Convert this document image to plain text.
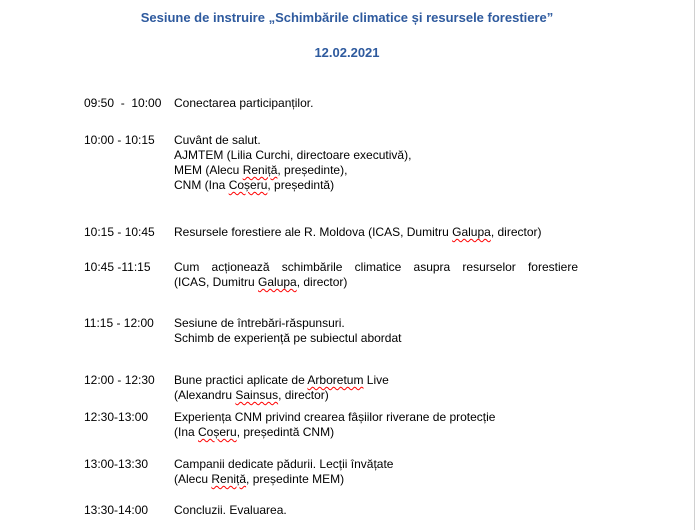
Sesiune de instruire „Schimbările climatice și resursele forestiere”
12.02.2021
09:50  -  10:00 Conectarea participanților.
10:00 - 10:15 Cuvânt de salut.
AJMTEM (Lilia Curchi, directoare executivă),
MEM (Alecu Reniță, președinte),
CNM (Ina Coșeru, președintă)
10:15 - 10:45 Resursele forestiere ale R. Moldova (ICAS, Dumitru Galupa, director)
10:45 -11:15 Cum acționează schimbările climatice asupra resurselor forestiere
(ICAS, Dumitru Galupa, director)
11:15 - 12:00 Sesiune de întrebări-răspunsuri.
Schimb de experiență pe subiectul abordat
12:00 - 12:30 Bune practici aplicate de Arboretum Live
(Alexandru Sainsus, director)
12:30-13:00 Experiența CNM privind crearea fâșiilor riverane de protecție
(Ina Coșeru, președintă CNM)
13:00-13:30 Campanii dedicate pădurii. Lecții învățate
(Alecu Reniță, președinte MEM)
13:30-14:00 Concluzii. Evaluarea.
